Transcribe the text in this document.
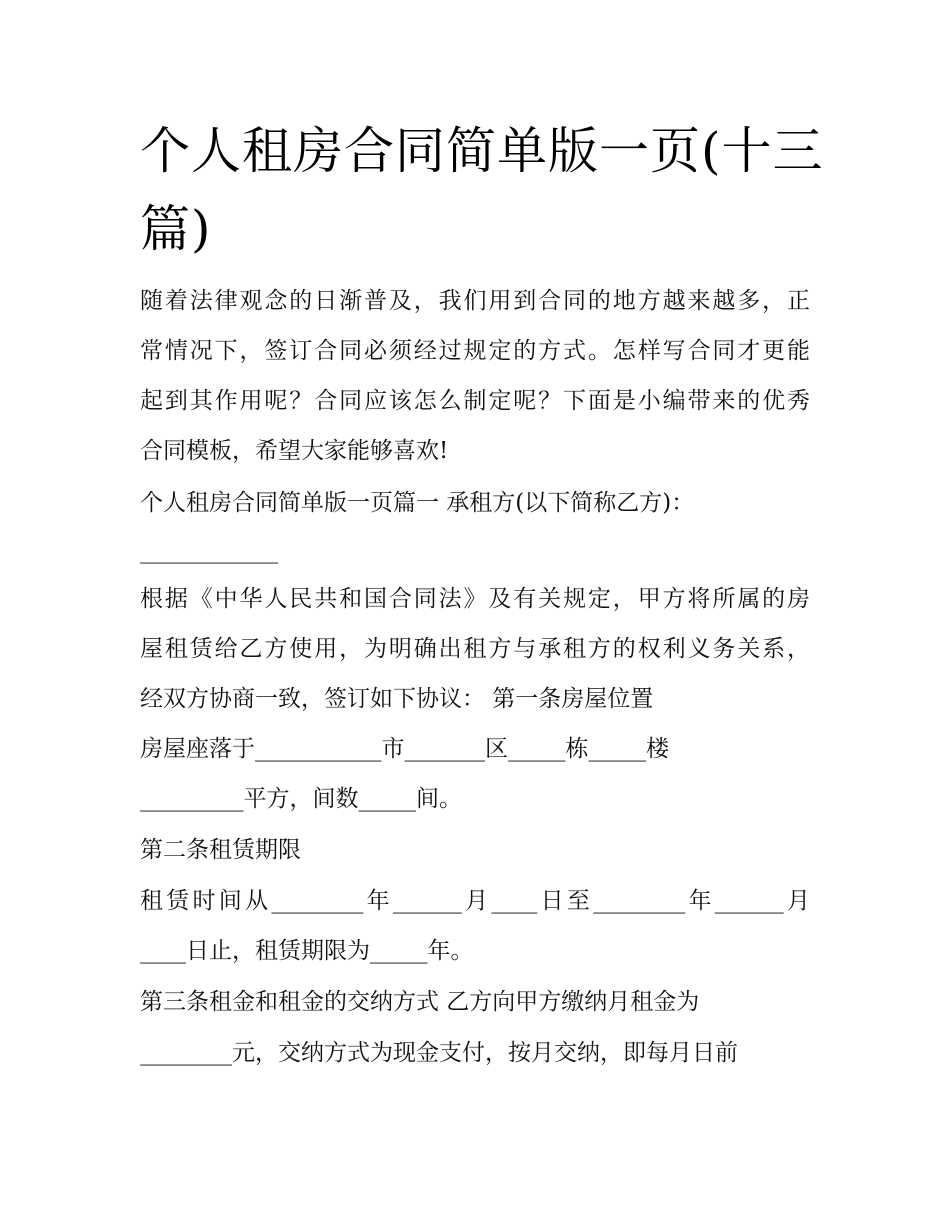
个人租房合同简单版一页(十三篇)

随着法律观念的日渐普及，我们用到合同的地方越来越多，正

常情况下，签订合同必须经过规定的方式。怎样写合同才更能

起到其作用呢？合同应该怎么制定呢？下面是小编带来的优秀

合同模板，希望大家能够喜欢!

个人租房合同简单版一页篇一 承租方(以下简称乙方)：

____________

根据《中华人民共和国合同法》及有关规定，甲方将所属的房

屋租赁给乙方使用，为明确出租方与承租方的权利义务关系，

经双方协商一致，签订如下协议： 第一条房屋位置

房屋座落于___________市_______区_____栋_____楼

_________平方，间数_____间。

第二条租赁期限

租赁时间从________年______月____日至________年______月

____日止，租赁期限为_____年。

第三条租金和租金的交纳方式 乙方向甲方缴纳月租金为

________元，交纳方式为现金支付，按月交纳，即每月日前
